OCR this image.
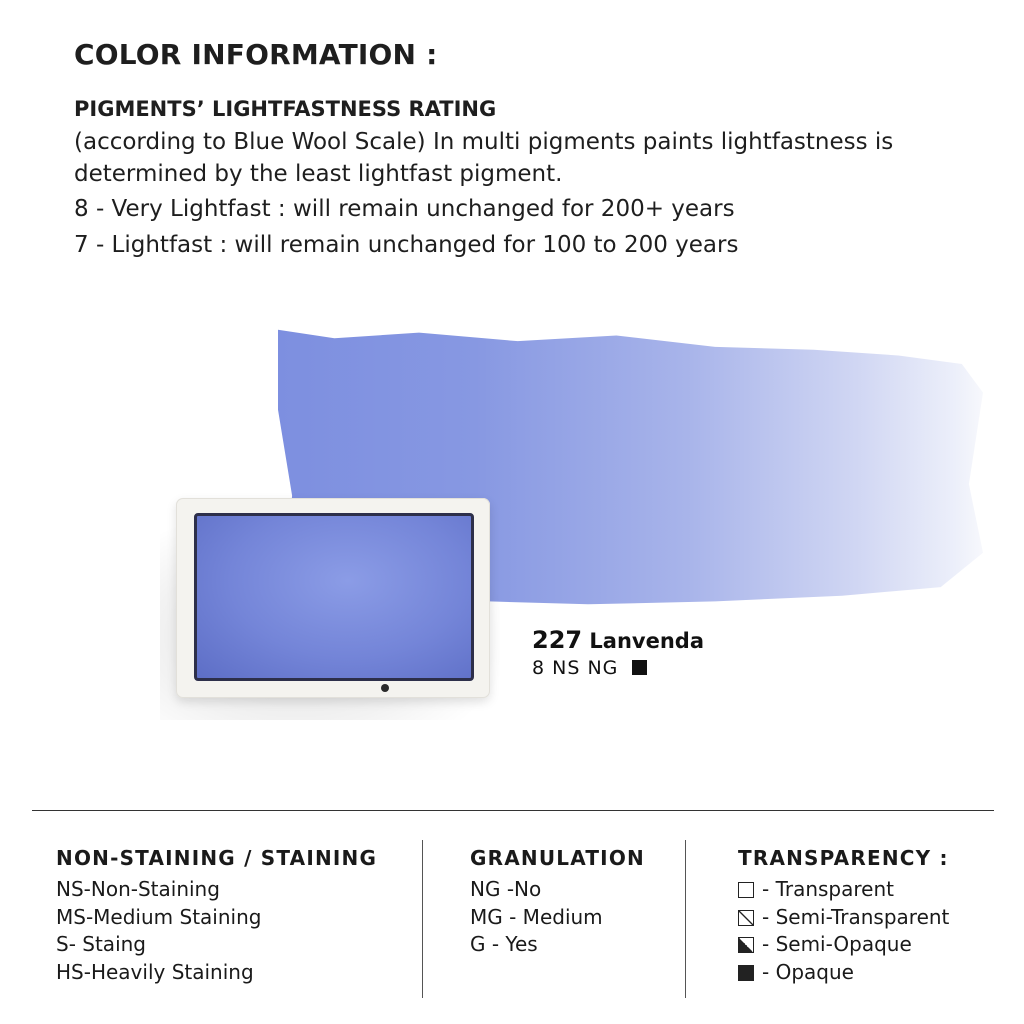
COLOR INFORMATION :
PIGMENTS’ LIGHTFASTNESS RATING

(according to Blue Wool Scale) In multi pigments paints lightfastness is determined by the least lightfast pigment.

8 - Very Lightfast : will remain unchanged for 200+ years

7 - Lightfast : will remain unchanged for 100 to 200 years

227 Lanvenda

8 NS NG
NON-STAINING / STAINING
NS-Non-Staining
MS-Medium Staining
S- Staing
HS-Heavily Staining
GRANULATION
NG -No
MG - Medium
G - Yes
TRANSPARENCY :
- Transparent
- Semi-Transparent
- Semi-Opaque
- Opaque
